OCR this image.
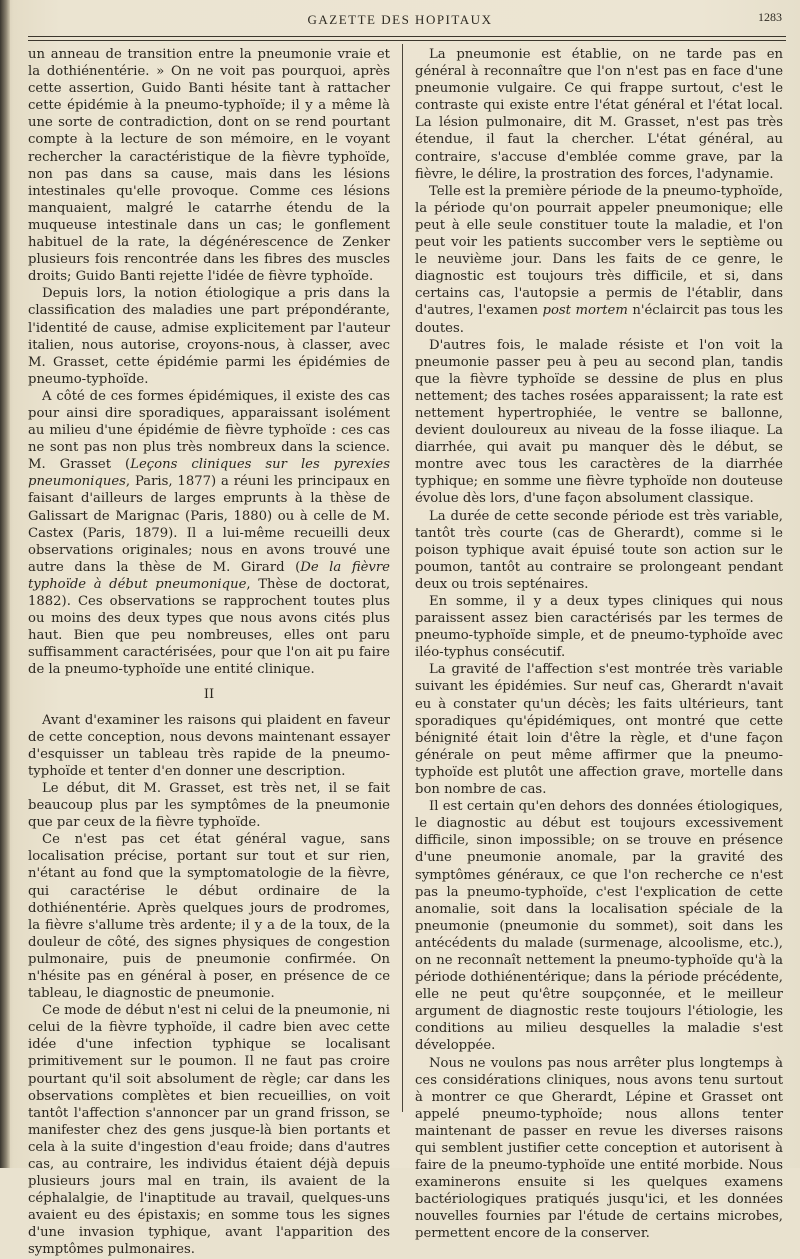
GAZETTE DES HOPITAUX	1283

un anneau de transition entre la pneumonie vraie et la dothiénentérie. » On ne voit pas pourquoi, après cette assertion, Guido Banti hésite tant à rattacher cette épidémie à la pneumo-typhoïde; il y a même là une sorte de contradiction, dont on se rend pourtant compte à la lecture de son mémoire, en le voyant rechercher la caractéristique de la fièvre typhoïde, non pas dans sa cause, mais dans les lésions intestinales qu'elle provoque. Comme ces lésions manquaient, malgré le catarrhe étendu de la muqueuse intestinale dans un cas; le gonflement habituel de la rate, la dégénérescence de Zenker plusieurs fois rencontrée dans les fibres des muscles droits; Guido Banti rejette l'idée de fièvre typhoïde.

Depuis lors, la notion étiologique a pris dans la classification des maladies une part prépondérante, l'identité de cause, admise explicitement par l'auteur italien, nous autorise, croyons-nous, à classer, avec M. Grasset, cette épidémie parmi les épidémies de pneumo-typhoïde.

A côté de ces formes épidémiques, il existe des cas pour ainsi dire sporadiques, apparaissant isolément au milieu d'une épidémie de fièvre typhoïde : ces cas ne sont pas non plus très nombreux dans la science. M. Grasset (Leçons cliniques sur les pyrexies pneumoniques, Paris, 1877) a réuni les principaux en faisant d'ailleurs de larges emprunts à la thèse de Galissart de Marignac (Paris, 1880) ou à celle de M. Castex (Paris, 1879). Il a lui-même recueilli deux observations originales; nous en avons trouvé une autre dans la thèse de M. Girard (De la fièvre typhoïde à début pneumonique, Thèse de doctorat, 1882). Ces observations se rapprochent toutes plus ou moins des deux types que nous avons cités plus haut. Bien que peu nombreuses, elles ont paru suffisamment caractérisées, pour que l'on ait pu faire de la pneumo-typhoïde une entité clinique.

II

Avant d'examiner les raisons qui plaident en faveur de cette conception, nous devons maintenant essayer d'esquisser un tableau très rapide de la pneumo-typhoïde et tenter d'en donner une description.

Le début, dit M. Grasset, est très net, il se fait beaucoup plus par les symptômes de la pneumonie que par ceux de la fièvre typhoïde.

Ce n'est pas cet état général vague, sans localisation précise, portant sur tout et sur rien, n'étant au fond que la symptomatologie de la fièvre, qui caractérise le début ordinaire de la dothiénentérie. Après quelques jours de prodromes, la fièvre s'allume très ardente; il y a de la toux, de la douleur de côté, des signes physiques de congestion pulmonaire, puis de pneumonie confirmée. On n'hésite pas en général à poser, en présence de ce tableau, le diagnostic de pneumonie.

Ce mode de début n'est ni celui de la pneumonie, ni celui de la fièvre typhoïde, il cadre bien avec cette idée d'une infection typhique se localisant primitivement sur le poumon. Il ne faut pas croire pourtant qu'il soit absolument de règle; car dans les observations complètes et bien recueillies, on voit tantôt l'affection s'annoncer par un grand frisson, se manifester chez des gens jusque-là bien portants et cela à la suite d'ingestion d'eau froide; dans d'autres cas, au contraire, les individus étaient déjà depuis plusieurs jours mal en train, ils avaient de la céphalalgie, de l'inaptitude au travail, quelques-uns avaient eu des épistaxis; en somme tous les signes d'une invasion typhique, avant l'apparition des symptômes pulmonaires.

La pneumonie est établie, on ne tarde pas en général à reconnaître que l'on n'est pas en face d'une pneumonie vulgaire. Ce qui frappe surtout, c'est le contraste qui existe entre l'état général et l'état local. La lésion pulmonaire, dit M. Grasset, n'est pas très étendue, il faut la chercher. L'état général, au contraire, s'accuse d'emblée comme grave, par la fièvre, le délire, la prostration des forces, l'adynamie.

Telle est la première période de la pneumo-typhoïde, la période qu'on pourrait appeler pneumonique; elle peut à elle seule constituer toute la maladie, et l'on peut voir les patients succomber vers le septième ou le neuvième jour. Dans les faits de ce genre, le diagnostic est toujours très difficile, et si, dans certains cas, l'autopsie a permis de l'établir, dans d'autres, l'examen post mortem n'éclaircit pas tous les doutes.

D'autres fois, le malade résiste et l'on voit la pneumonie passer peu à peu au second plan, tandis que la fièvre typhoïde se dessine de plus en plus nettement; des taches rosées apparaissent; la rate est nettement hypertrophiée, le ventre se ballonne, devient douloureux au niveau de la fosse iliaque. La diarrhée, qui avait pu manquer dès le début, se montre avec tous les caractères de la diarrhée typhique; en somme une fièvre typhoïde non douteuse évolue dès lors, d'une façon absolument classique.

La durée de cette seconde période est très variable, tantôt très courte (cas de Gherardt), comme si le poison typhique avait épuisé toute son action sur le poumon, tantôt au contraire se prolongeant pendant deux ou trois septénaires.

En somme, il y a deux types cliniques qui nous paraissent assez bien caractérisés par les termes de pneumo-typhoïde simple, et de pneumo-typhoïde avec iléo-typhus consécutif.

La gravité de l'affection s'est montrée très variable suivant les épidémies. Sur neuf cas, Gherardt n'avait eu à constater qu'un décès; les faits ultérieurs, tant sporadiques qu'épidémiques, ont montré que cette bénignité était loin d'être la règle, et d'une façon générale on peut même affirmer que la pneumo-typhoïde est plutôt une affection grave, mortelle dans bon nombre de cas.

Il est certain qu'en dehors des données étiologiques, le diagnostic au début est toujours excessivement difficile, sinon impossible; on se trouve en présence d'une pneumonie anomale, par la gravité des symptômes généraux, ce que l'on recherche ce n'est pas la pneumo-typhoïde, c'est l'explication de cette anomalie, soit dans la localisation spéciale de la pneumonie (pneumonie du sommet), soit dans les antécédents du malade (surmenage, alcoolisme, etc.), on ne reconnaît nettement la pneumo-typhoïde qu'à la période dothiénentérique; dans la période précédente, elle ne peut qu'être soupçonnée, et le meilleur argument de diagnostic reste toujours l'étiologie, les conditions au milieu desquelles la maladie s'est développée.

Nous ne voulons pas nous arrêter plus longtemps à ces considérations cliniques, nous avons tenu surtout à montrer ce que Gherardt, Lépine et Grasset ont appelé pneumo-typhoïde; nous allons tenter maintenant de passer en revue les diverses raisons qui semblent justifier cette conception et autorisent à faire de la pneumo-typhoïde une entité morbide. Nous examinerons ensuite si les quelques examens bactériologiques pratiqués jusqu'ici, et les données nouvelles fournies par l'étude de certains microbes, permettent encore de la conserver.
